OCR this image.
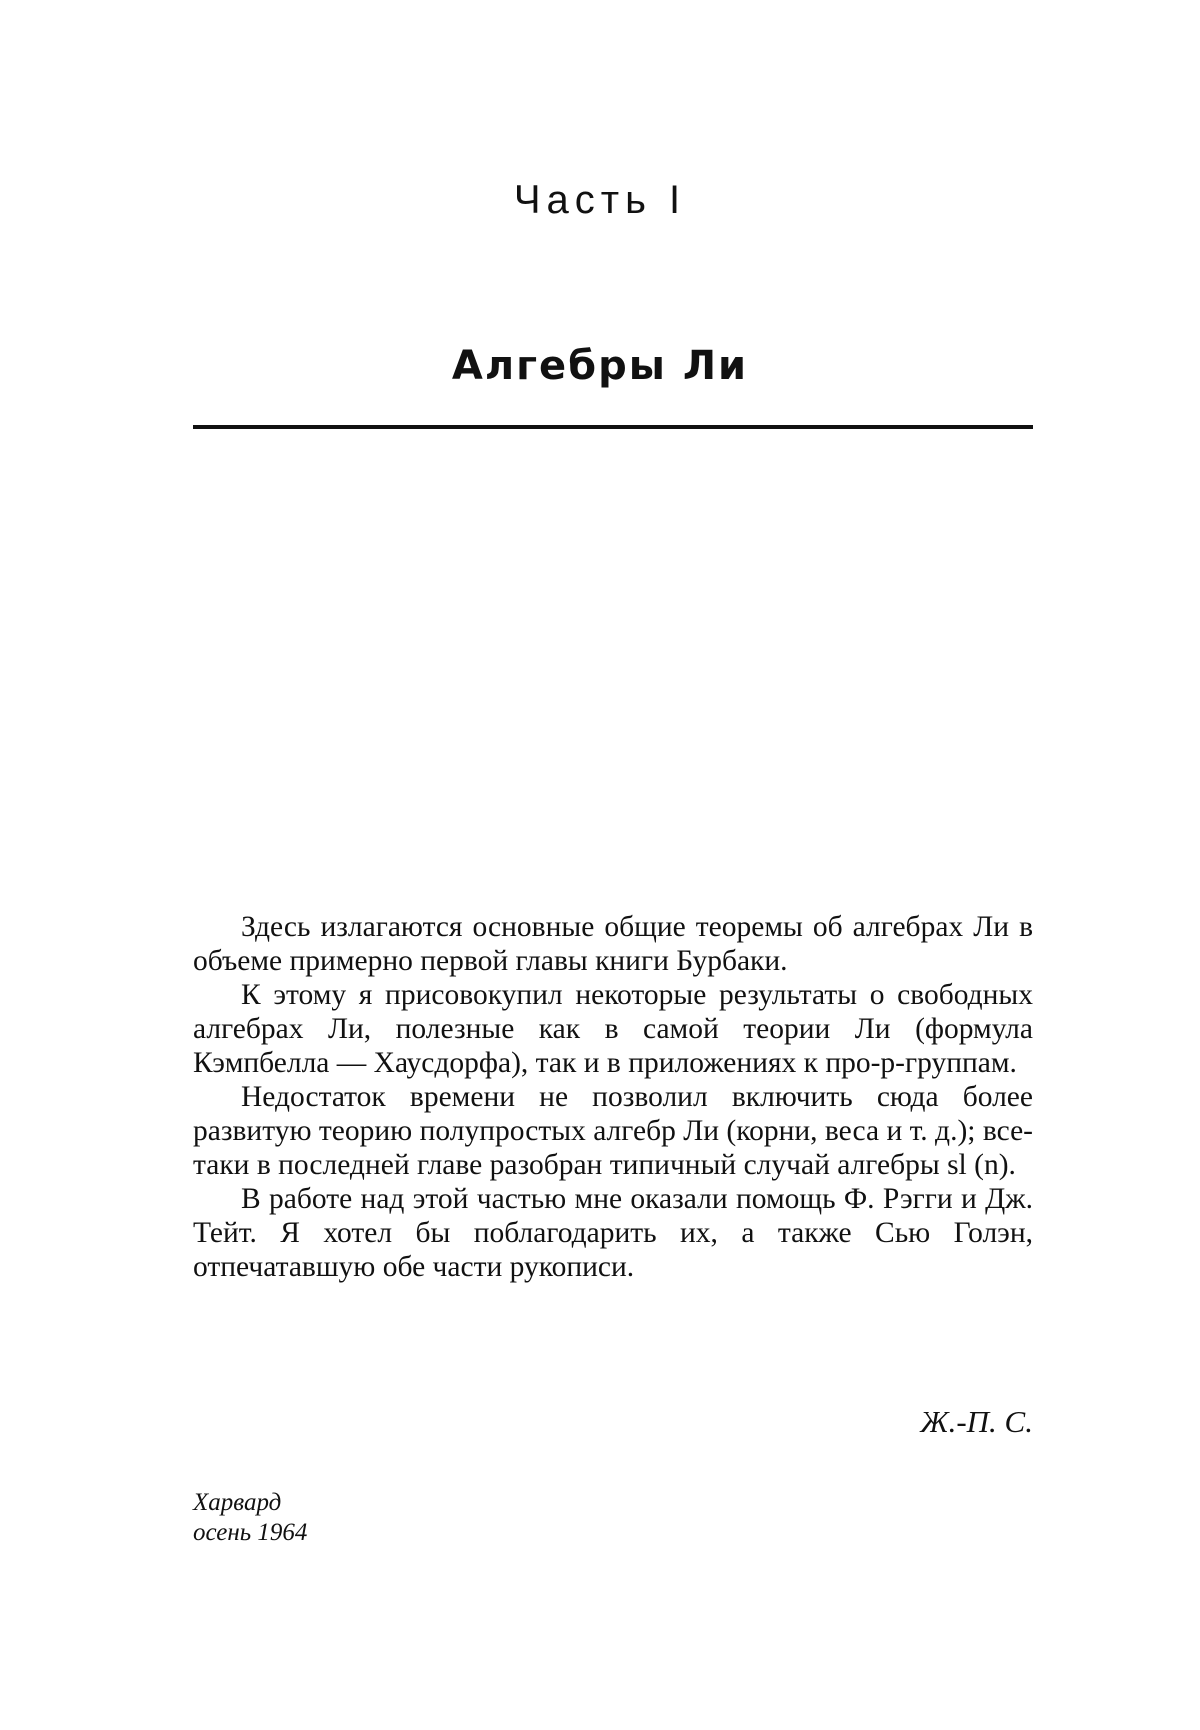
Часть I
Алгебры Ли

Здесь излагаются основные общие теоремы об алгебрах Ли в объеме примерно первой главы книги Бурбаки.

К этому я присовокупил некоторые результаты о свободных алгебрах Ли, полезные как в самой теории Ли (формула Кэмпбелла — Хаусдорфа), так и в приложениях к про-p-группам.

Недостаток времени не позволил включить сюда более развитую теорию полупростых алгебр Ли (корни, веса и т. д.); все-таки в последней главе разобран типичный случай алгебры sl (n).

В работе над этой частью мне оказали помощь Ф. Рэгги и Дж. Тейт. Я хотел бы поблагодарить их, а также Сью Голэн, отпечатавшую обе части рукописи.

Ж.-П. С.
Харвард
осень 1964
